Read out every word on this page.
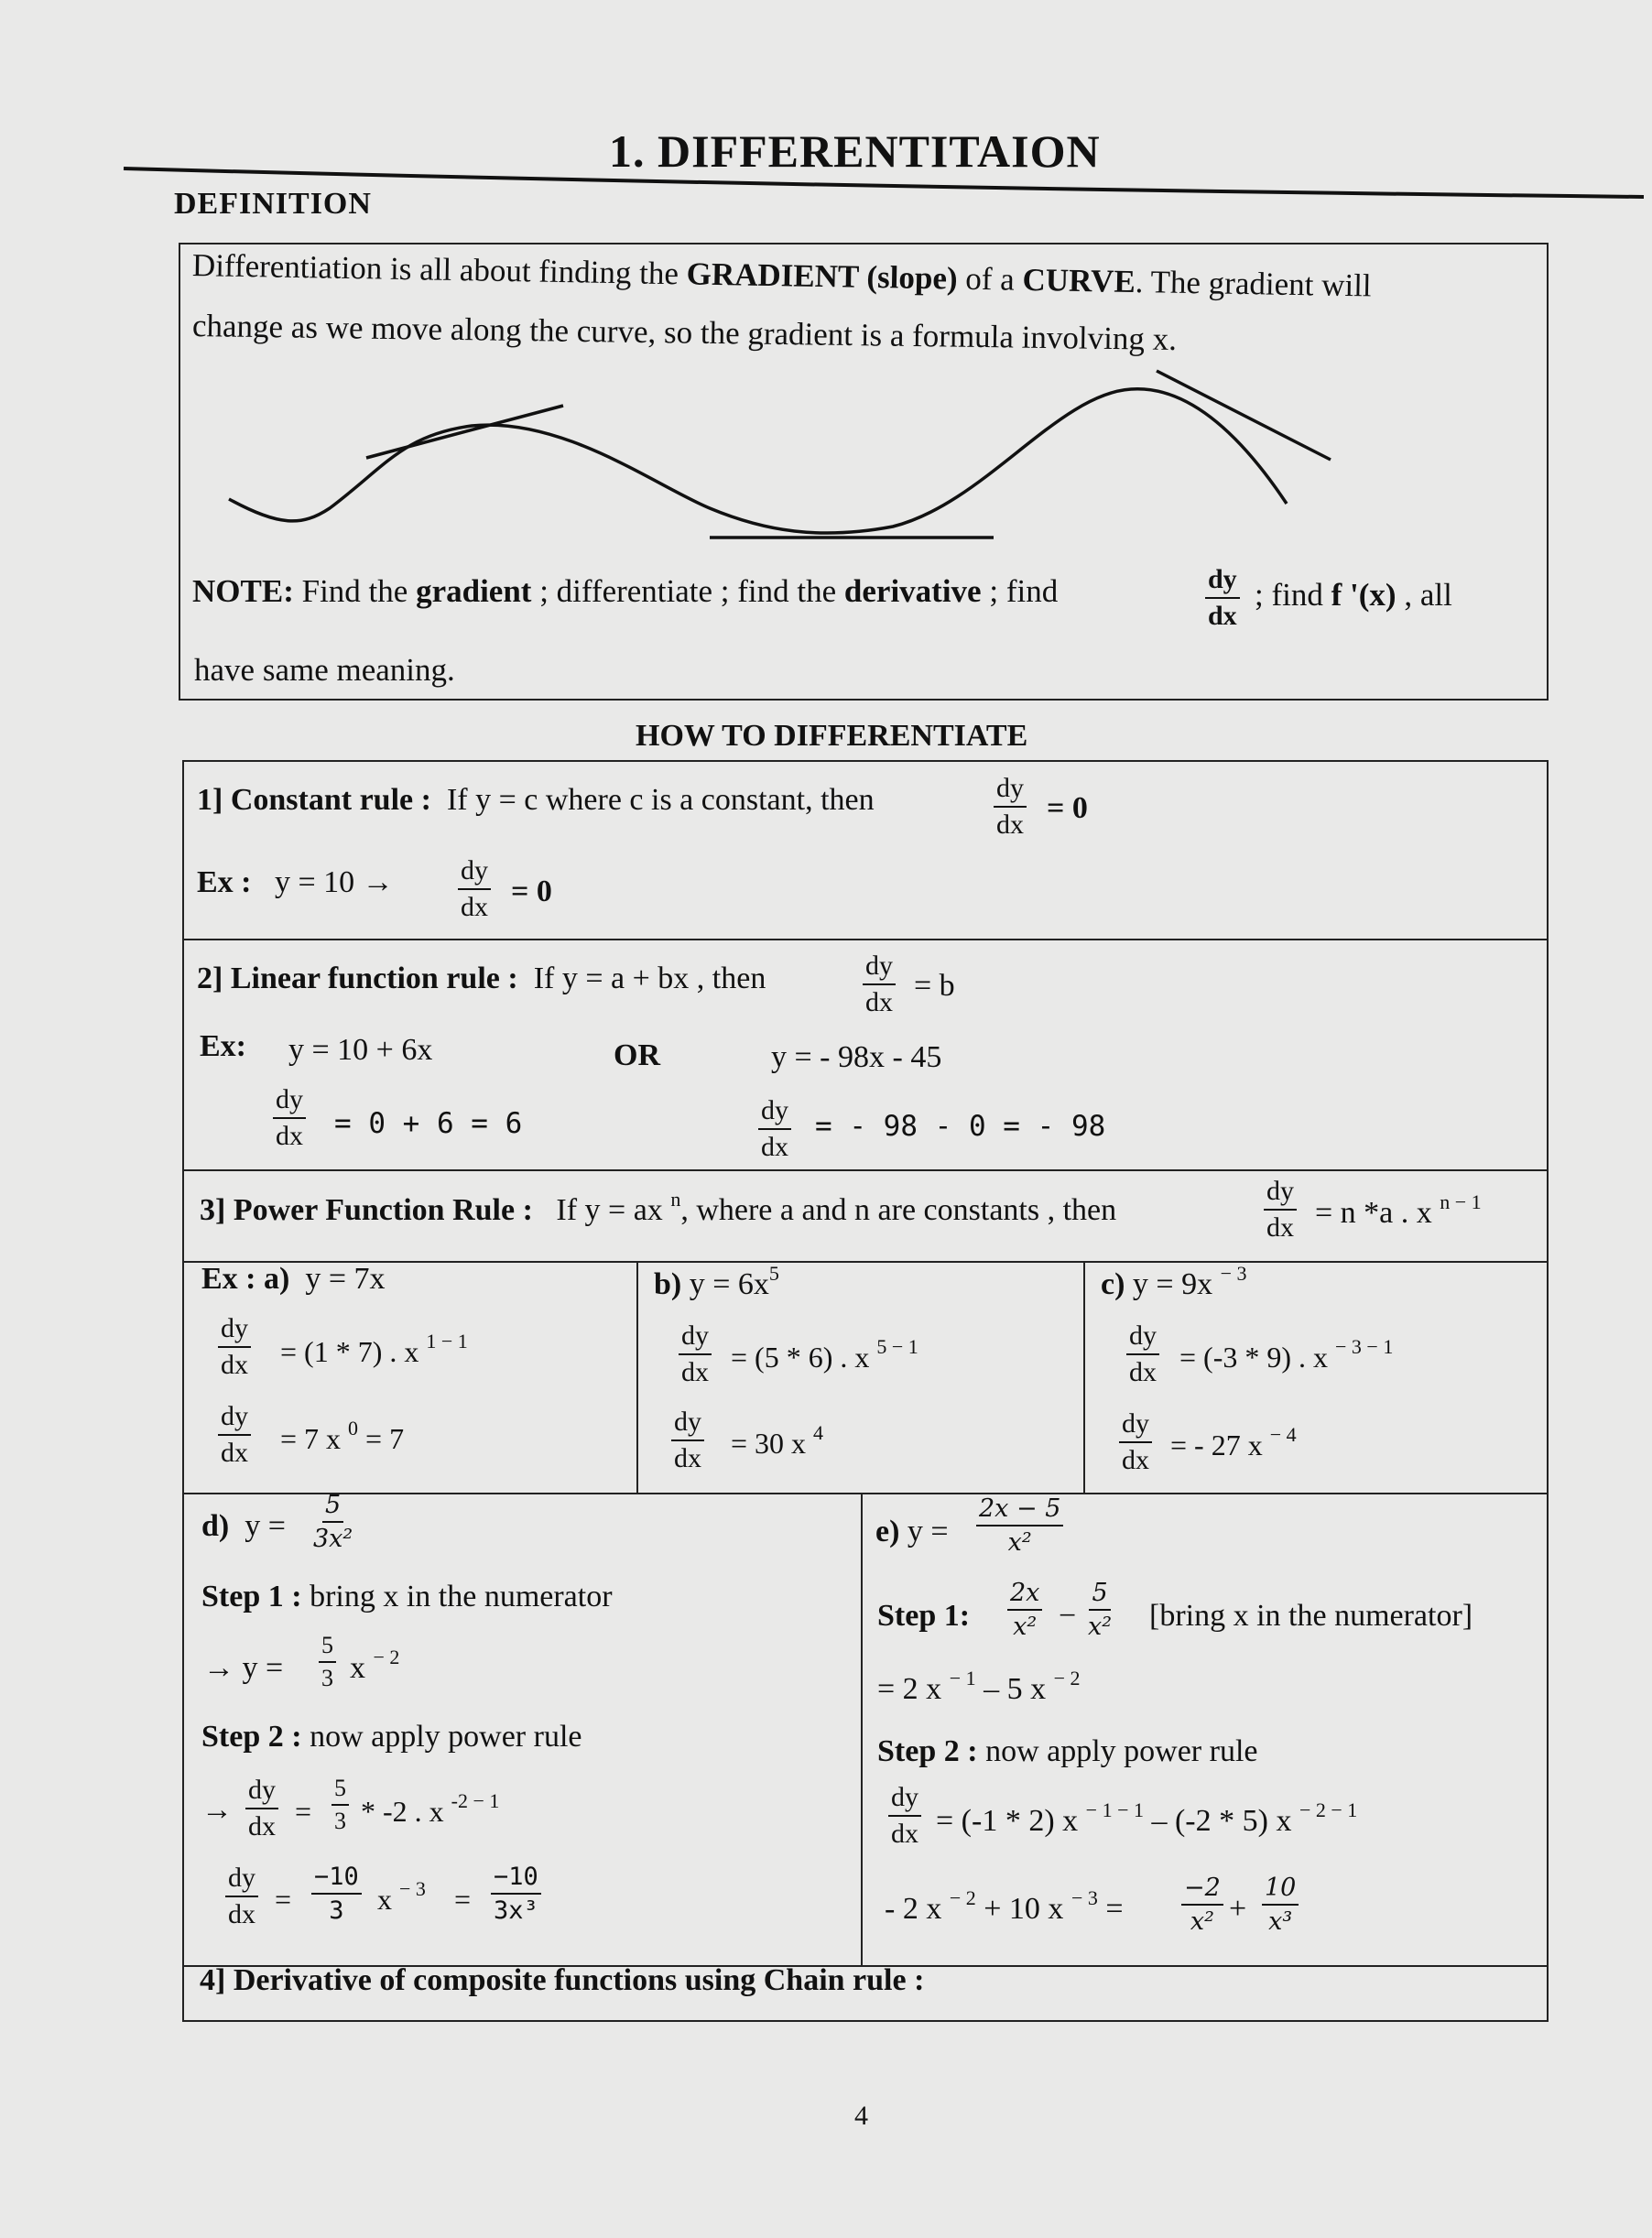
1. DIFFERENTITAION
DEFINITION
Differentiation is all about finding the GRADIENT (slope) of a CURVE. The gradient will
change as we move along the curve, so the gradient is a formula involving x.
NOTE: Find the gradient ; differentiate ; find the derivative ; find	$\frac{dy}{dx}$ ; find f '(x) , all
have same meaning.
HOW TO DIFFERENTIATE
1] Constant rule : If y = c where c is a constant, then	$\frac{dy}{dx} = 0$
Ex : $y = 10 \to \frac{dy}{dx} = 0$
2] Linear function rule : If y = a + bx , then	$\frac{dy}{dx} = b$
Ex: y = 10 + 6x	OR	y = - 98x - 45
$\frac{dy}{dx} = 0 + 6 = 6$	$\frac{dy}{dx}$ = - 98 - 0 = - 98
3] Power Function Rule : If y = ax $^n$, where a and n are constants , then	$\frac{dy}{dx} = n$ *a . x $^{n - 1}$
Ex : a) y = 7x
$\frac{dy}{dx} = (1 * 7)$ . x $^{1 - 1}$
$\frac{dy}{dx} = 7$ x $^0$ = 7
b) $y = 6x^5$
$\frac{dy}{dx} = (5 * 6)$ . x $^{5 - 1}$
$\frac{dy}{dx} = 30$ x $^4$
c) y = 9x $^{- 3}$
$\frac{dy}{dx} = (-3 * 9)$ . x $^{- 3 - 1}$
$\frac{dy}{dx}$ = - 27 x $^{- 4}$
d) $y = \frac{5}{\text{3x²}}$
Step 1 : bring x in the numerator
→ $y = \frac{5}{3}$ x $^{- 2}$
Step 2 : now apply power rule
→ $\frac{dy}{dx} = \frac{5}{3} * -2$ . x $^{-2 - 1}$
$\frac{dy}{dx} = \frac{-10}{3}$ x $^{- 3} = \frac{-10}{\text{3x³}}$
e) $y = \frac{2x - 5}{\text{x²}}$
Step 1: $\frac{2x}{\text{x²}} - \frac{5}{\text{x²}}$ [bring x in the numerator]
= 2 x $^{- 1}$ – 5 x $^{- 2}$
Step 2 : now apply power rule
$\frac{dy}{dx} = (-1 * 2)$ x $^{- 1 - 1}$ – (-2 * 5) x $^{- 2 - 1}$
- 2 x $^{- 2}$ + 10 x $^{- 3} = \frac{-2}{\text{x²}} + \frac{10}{\text{x³}}$
4] Derivative of composite functions using Chain rule :
4
